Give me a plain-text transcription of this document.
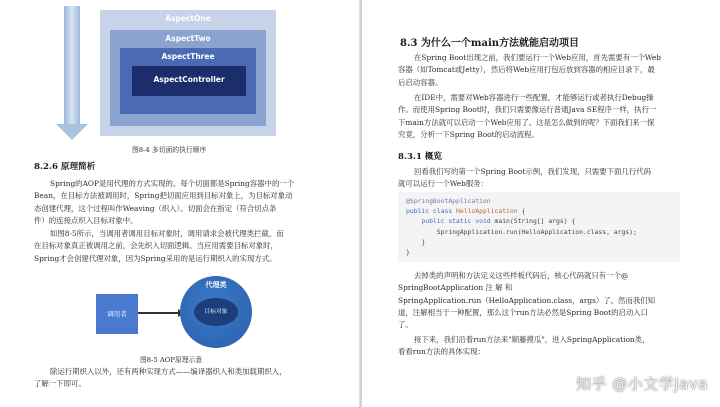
AspectOne
AspectTwo
AspectThree
AspectController
图8-4 多切面的执行顺序
8.2.6 原理简析
Spring的AOP是用代理的方式实现的。每个切面都是Spring容器中的一个
Bean，在目标方法被调用时，Spring把切面应用到目标对象上，为目标对象动
态创建代理，这个过程叫作Weaving（织入）。切面会在指定（符合切点条
件）的连接点织入目标对象中。
如图8-5所示，当调用者调用目标对象时，调用请求会被代理类拦截，而
在目标对象真正被调用之前，会先织入切面逻辑。当应用需要目标对象时，
Spring才会创建代理对象，因为Spring采用的是运行期织入的实现方式。
调用者
代理类
目标对象
图8-5 AOP原理示意
除运行期织入以外，还有两种实现方式——编译器织入和类加载期织入，
了解一下即可。
8.3 为什么一个main方法就能启动项目
在Spring Boot出现之前，我们要运行一个Web应用，首先需要有一个Web
容器（如Tomcat或Jetty），然后将Web应用打包后放到容器的相应目录下，最
后启动容器。
在IDE中，需要对Web容器进行一些配置，才能够运行或者执行Debug操
作。而使用Spring Boot时，我们只需要像运行普通Java SE程序一样，执行一
下main方法就可以启动一个Web应用了。这是怎么做到的呢？下面我们来一探
究竟，分析一下Spring Boot的启动流程。
8.3.1 概览
回看我们写的第一个Spring Boot示例，我们发现，只需要下面几行代码
就可以运行一个Web服务：
@SpringBootApplication
public class HelloApplication {
public static void main(String[] args) {
SpringApplication.run(HelloApplication.class, args);
}
}
去掉类的声明和方法定义这些样板代码后，核心代码就只有一个@
SpringBootApplication 注 解 和
SpringApplication.run（HelloApplication.class，args）了。然而我们知
道，注解相当于一种配置，那么这个run方法必然是Spring Boot的启动入口
了。
接下来，我们沿着run方法来"顺藤摸瓜"，进入SpringApplication类，
看看run方法的具体实现：
知乎 @小文学Java
